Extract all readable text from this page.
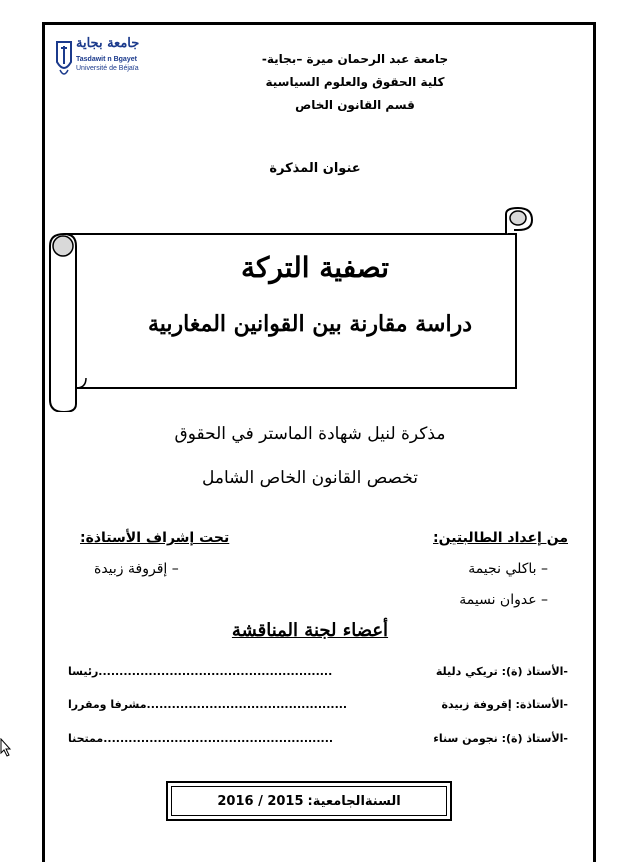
جامعة بجاية
Tasdawit n Bgayet
Université de Béjaïa
جامعة عبد الرحمان ميرة –بجاية-
كلية الحقوق والعلوم السياسية
قسم القانون الخاص
عنوان المذكرة
تصفية التركة
دراسة مقارنة بين القوانين المغاربية
مذكرة لنيل شهادة الماستر في الحقوق
تخصص القانون الخاص الشامل
من إعداد الطالبتين:
تحت إشراف الأستاذة:
– باكلي نجيمة
– عدوان نسيمة
– إقروفة زبيدة
أعضاء لجنة المناقشة
-الأستاذ (ة): تريكي دليلة
........................................................
رئيسا
-الأستاذة: إقروفة زبيدة
................................................
مشرفا ومقررا
-الأستاذ (ة): نجومن سناء
.......................................................
ممتحنا
السنةالجامعية:
2016 / 2015
